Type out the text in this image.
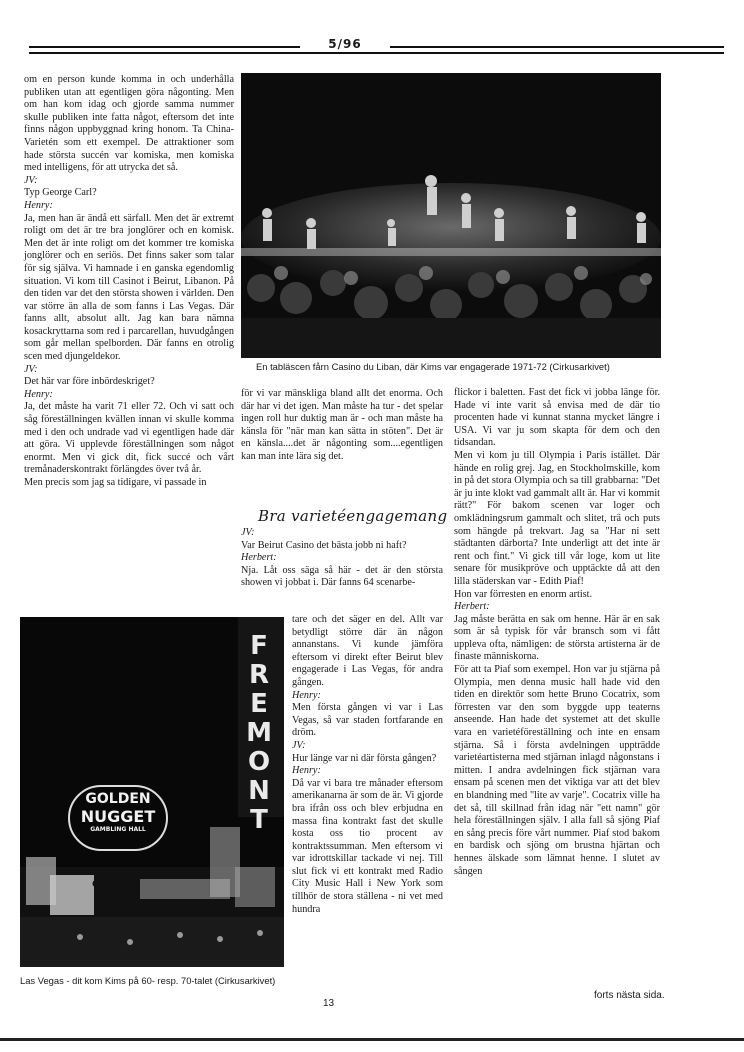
5/96

om en person kunde komma in och underhålla publiken utan att egentligen göra någonting. Men om han kom idag och gjorde samma nummer skulle publiken inte fatta något, eftersom det inte finns någon uppbyggnad kring honom. Ta China-Varietén som ett exempel. De attraktioner som hade största succén var komiska, men komiska med intelligens, för att utrycka det så.

JV:

Typ George Carl?

Henry:

Ja, men han är ändå ett särfall. Men det är extremt roligt om det är tre bra jonglörer och en komisk. Men det är inte roligt om det kommer tre komiska jonglörer och en seriös. Det finns saker som talar för sig själva. Vi hamnade i en ganska egendomlig situation. Vi kom till Casinot i Beirut, Libanon. På den tiden var det den största showen i världen. Den var större än alla de som fanns i Las Vegas. Där fanns allt, absolut allt. Jag kan bara nämna kosackryttarna som red i parcarellan, huvudgången som går mellan spelborden. Där fanns en otrolig scen med djungeldekor.

JV:

Det här var före inbördeskriget?

Henry:

Ja, det måste ha varit 71 eller 72. Och vi satt och såg föreställningen kvällen innan vi skulle komma med i den och undrade vad vi egentligen hade där att göra. Vi upplevde föreställningen som något enormt. Men vi gick dit, fick succé och vårt tremånaderskontrakt förlängdes över två år.

Men precis som jag sa tidigare, vi passade in

En tabläscen fårn Casino du Liban, där Kims var engagerade 1971-72 (Cirkusarkivet)

för vi var mänskliga bland allt det enorma. Och där har vi det igen. Man måste ha tur - det spelar ingen roll hur duktig man är - och man måste ha känsla för "när man kan sätta in stöten". Det är en känsla....det är någonting som....egentligen kan man inte lära sig det.

Bra varietéengagemang

JV:

Var Beirut Casino det bästa jobb ni haft?

Herbert:

Nja. Låt oss säga så här - det är den största showen vi jobbat i. Där fanns 64 scenarbe-

tare och det säger en del. Allt var betydligt större där än någon annanstans. Vi kunde jämföra eftersom vi direkt efter Beirut blev engagerade i Las Vegas, för andra gången.

Henry:

Men första gången vi var i Las Vegas, så var staden fortfarande en dröm.

JV:

Hur länge var ni där första gången?

Henry:

Då var vi bara tre månader eftersom amerikanarna är som de är. Vi gjorde bra ifrån oss och blev erbjudna en massa fina kontrakt fast det skulle kosta oss tio procent av kontraktssumman. Men eftersom vi var idrottskillar tackade vi nej. Till slut fick vi ett kontrakt med Radio City Music Hall i New York som tillhör de stora ställena - ni vet med hundra

flickor i baletten. Fast det fick vi jobba länge för. Hade vi inte varit så envisa med de där tio procenten hade vi kunnat stanna mycket längre i USA. Vi var ju som skapta för dem och den tidsandan.

Men vi kom ju till Olympia i Paris istället. Där hände en rolig grej. Jag, en Stockholmskille, kom in på det stora Olympia och sa till grabbarna: "Det är ju inte klokt vad gammalt allt är. Har vi kommit rätt?" För bakom scenen var loger och omklädningsrum gammalt och slitet, trä och puts som hängde på trekvart. Jag sa "Har ni sett städtanten därborta? Inte underligt att det inte är rent och fint." Vi gick till vår loge, kom ut lite senare för musikprövе och upptäckte då att den lilla städerskan var - Edith Piaf!

Hon var förresten en enorm artist.

Herbert:

Jag måste berätta en sak om henne. Här är en sak som är så typisk för vår bransch som vi fått uppleva ofta, nämligen: de största artisterna är de finaste människorna.

För att ta Piaf som exempel. Hon var ju stjärna på Olympia, men denna music hall hade vid den tiden en direktör som hette Bruno Cocatrix, som förresten var den som byggde upp teaterns anseende. Han hade det systemet att det skulle vara en varietéföreställning och inte en ensam stjärna. Så i första avdelningen uppträdde varietéartisterna med stjärnan inlagd någonstans i mitten. I andra avdelningen fick stjärnan vara ensam på scenen men det viktiga var att det blev en blandning med "lite av varje". Cocatrix ville ha det så, till skillnad från idag när "ett namn" gör hela föreställningen själv. I alla fall så sjöng Piaf en sång precis före vårt nummer. Piaf stod bakom en bardisk och sjöng om brustna hjärtan och hennes älskade som lämnat henne. I slutet av sången

F
R
E
M
O
N
T
GOLDEN
NUGGET
GAMBLING HALL
CASINO
Las Vegas - dit kom Kims på 60- resp. 70-talet (Cirkusarkivet)
13
forts nästa sida.
